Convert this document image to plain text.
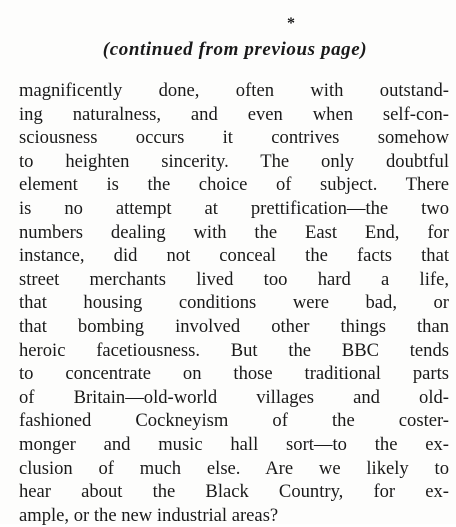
*
(continued from previous page)
magnificently done, often with outstand-
ing naturalness, and even when self-con-
sciousness occurs it contrives somehow
to heighten sincerity. The only doubtful
element is the choice of subject. There
is no attempt at prettification—the two
numbers dealing with the East End, for
instance, did not conceal the facts that
street merchants lived too hard a life,
that housing conditions were bad, or
that bombing involved other things than
heroic facetiousness. But the BBC tends
to concentrate on those traditional parts
of Britain—old-world villages and old-
fashioned Cockneyism of the coster-
monger and music hall sort—to the ex-
clusion of much else. Are we likely to
hear about the Black Country, for ex-
ample, or the new industrial areas?
